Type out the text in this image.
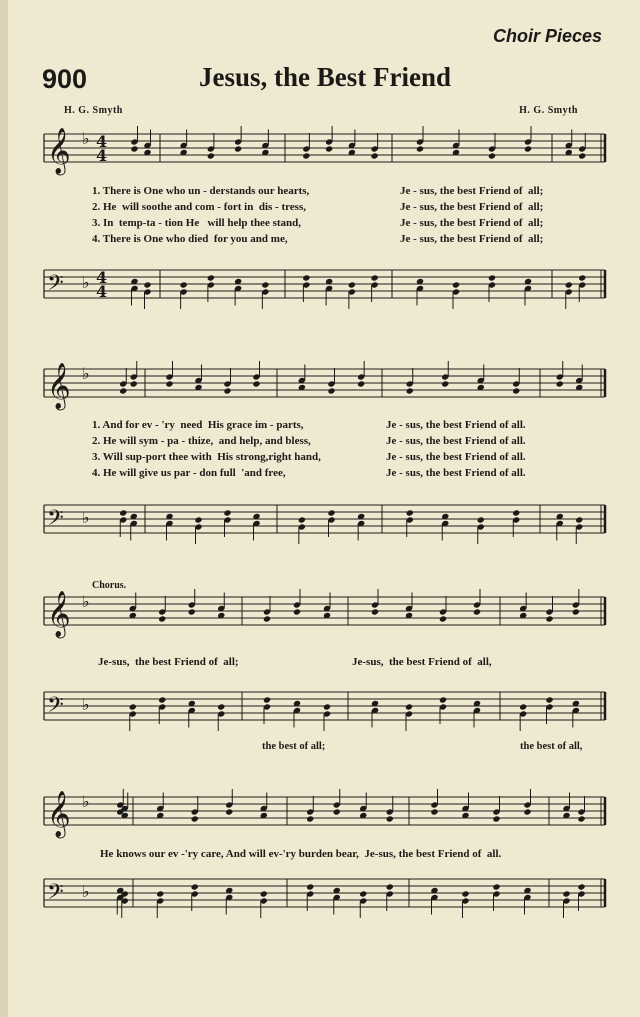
Choir Pieces
900	Jesus, the Best Friend
H. G. Smyth	H. G. Smyth
𝄞 ♭ 4
4
𝄢 ♭ 4
4
𝄞 ♭
𝄢 ♭
𝄞 ♭
𝄢 ♭
𝄞 ♭
𝄢 ♭
1. There is One who un - derstands our hearts,	Je - sus, the best Friend of  all;
2. He  will soothe and com - fort in  dis - tress,	Je - sus, the best Friend of  all;
3. In  temp-ta - tion He   will help thee stand,	Je - sus, the best Friend of  all;
4. There is One who died  for you and me,	Je - sus, the best Friend of  all;
1. And for ev - 'ry  need  His grace im - parts,	Je - sus, the best Friend of all.
2. He will sym - pa - thize,  and help, and bless,	Je - sus, the best Friend of all.
3. Will sup-port thee with  His strong,right hand,	Je - sus, the best Friend of all.
4. He will give us par - don full  'and free,	Je - sus, the best Friend of all.
Chorus.
Je-sus,  the best Friend of  all;	Je-sus,  the best Friend of  all,
the best of all;	the best of all,
He knows our ev -'ry care, And will ev-'ry burden bear,  Je-sus, the best Friend of  all.
